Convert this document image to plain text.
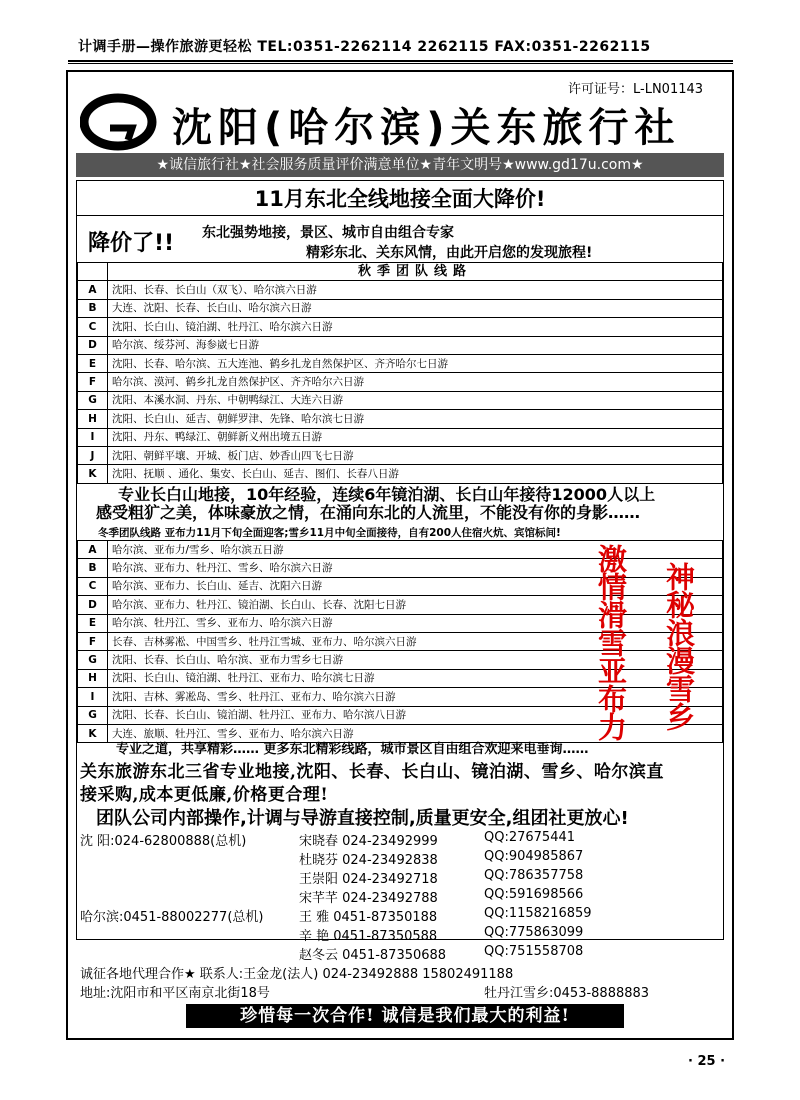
计调手册—操作旅游更轻松 TEL:0351-2262114 2262115 FAX:0351-2262115
许可证号：L-LN01143
沈阳(哈尔滨)关东旅行社
★诚信旅行社★社会服务质量评价满意单位★青年文明号★www.gd17u.com★
11月东北全线地接全面大降价!
降价了!! 东北强势地接，景区、城市自由组合专家
精彩东北、关东风情，由此开启您的发现旅程!
	秋季团队线路
A	沈阳、长春、长白山（双飞）、哈尔滨六日游
B	大连、沈阳、长春、长白山、哈尔滨六日游
C	沈阳、长白山、镜泊湖、牡丹江、哈尔滨六日游
D	哈尔滨、绥芬河、海参崴七日游
E	沈阳、长春、哈尔滨、五大连池、鹤乡扎龙自然保护区、齐齐哈尔七日游
F	哈尔滨、漠河、鹤乡扎龙自然保护区、齐齐哈尔六日游
G	沈阳、本溪水洞、丹东、中朝鸭绿江、大连六日游
H	沈阳、长白山、延吉、朝鲜罗津、先锋、哈尔滨七日游
I	沈阳、丹东、鸭绿江、朝鲜新义州出境五日游
J	沈阳、朝鲜平壤、开城、板门店、妙香山四飞七日游
K	沈阳、抚顺 、通化、集安、长白山、延吉、图们、长春八日游
专业长白山地接，10年经验，连续6年镜泊湖、长白山年接待12000人以上
感受粗犷之美，体味豪放之情，在涌向东北的人流里，不能没有你的身影……
冬季团队线路 亚布力11月下旬全面迎客;雪乡11月中旬全面接待，自有200人住宿火炕、宾馆标间!
A	哈尔滨、亚布力/雪乡、哈尔滨五日游
B	哈尔滨、亚布力、牡丹江、雪乡、哈尔滨六日游
C	哈尔滨、亚布力、长白山、延吉、沈阳六日游
D	哈尔滨、亚布力、牡丹江、镜泊湖、长白山、长春、沈阳七日游
E	哈尔滨、牡丹江、雪乡、亚布力、哈尔滨六日游
F	长春、吉林雾凇、中国雪乡、牡丹江雪城、亚布力、哈尔滨六日游
G	沈阳、长春、长白山、哈尔滨、亚布力雪乡七日游
H	沈阳、长白山、镜泊湖、牡丹江、亚布力、哈尔滨七日游
I	沈阳、吉林、雾凇岛、雪乡、牡丹江、亚布力、哈尔滨六日游
G	沈阳、长春、长白山、镜泊湖、牡丹江、亚布力、哈尔滨八日游
K	大连、旅顺、牡丹江、雪乡、亚布力、哈尔滨六日游	激情滑雪亚布力 神秘浪漫雪乡
专业之道，共享精彩…… 更多东北精彩线路，城市景区自由组合欢迎来电垂询……
关东旅游东北三省专业地接,沈阳、长春、长白山、镜泊湖、雪乡、哈尔滨直
接采购,成本更低廉,价格更合理!
团队公司内部操作,计调与导游直接控制,质量更安全,组团社更放心!
沈 阳:024-62800888(总机)
哈尔滨:0451-88002277(总机)
宋晓春 024-23492999	QQ:27675441
杜晓芬 024-23492838	QQ:904985867
王崇阳 024-23492718	QQ:786357758
宋芊芊 024-23492788	QQ:591698566
王 雅 0451-87350188	QQ:1158216859
辛 艳 0451-87350588	QQ:775863099
赵冬云 0451-87350688	QQ:751558708
诚征各地代理合作★ 联系人:王金龙(法人) 024-23492888 15802491188
地址:沈阳市和平区南京北街18号	牡丹江雪乡:0453-8888883
珍惜每一次合作! 诚信是我们最大的利益!
· 25 ·
